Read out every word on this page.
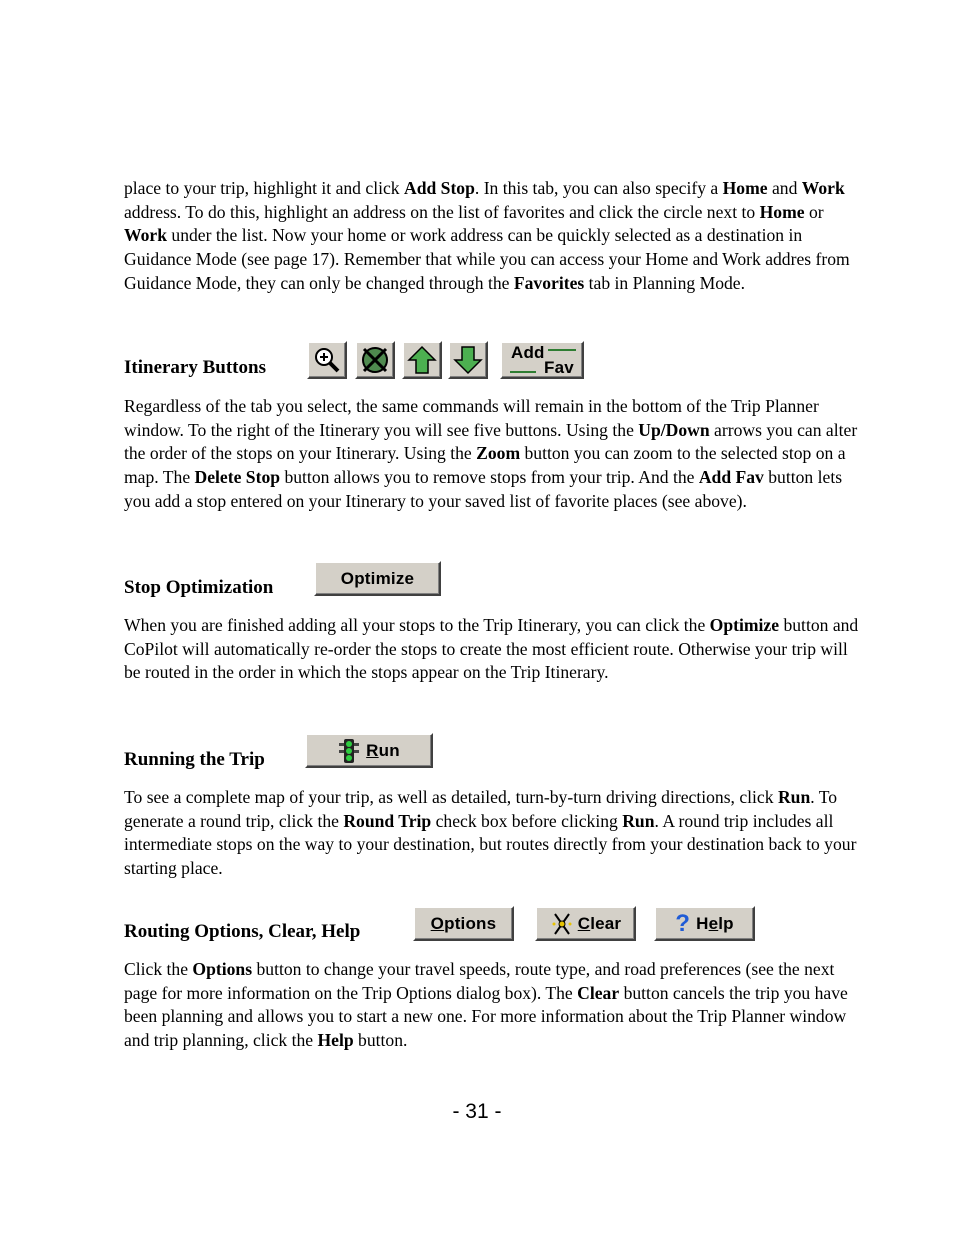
place to your trip, highlight it and click Add Stop. In this tab, you can also specify a Home and Work address. To do this, highlight an address on the list of favorites and click the circle next to Home or Work under the list. Now your home or work address can be quickly selected as a destination in Guidance Mode (see page 17). Remember that while you can access your Home and Work addres from Guidance Mode, they can only be changed through the Favorites tab in Planning Mode.

Itinerary Buttons
Add
Fav

Regardless of the tab you select, the same commands will remain in the bottom of the Trip Planner window. To the right of the Itinerary you will see five buttons. Using the Up/Down arrows you can alter the order of the stops on your Itinerary. Using the Zoom button you can zoom to the selected stop on a map. The Delete Stop button allows you to remove stops from your trip. And the Add Fav button lets you add a stop entered on your Itinerary to your saved list of favorite places (see above).

Stop Optimization	Optimize

When you are finished adding all your stops to the Trip Itinerary, you can click the Optimize button and CoPilot will automatically re-order the stops to create the most efficient route. Otherwise your trip will be routed in the order in which the stops appear on the Trip Itinerary.

Running the Trip	R un

To see a complete map of your trip, as well as detailed, turn-by-turn driving directions, click Run. To generate a round trip, click the Round Trip check box before clicking Run. A round trip includes all intermediate stops on the way to your destination, but routes directly from your destination back to your starting place.

Routing Options, Clear, Help	O ptions	C lear ? H e lp

Click the Options button to change your travel speeds, route type, and road preferences (see the next page for more information on the Trip Options dialog box). The Clear button cancels the trip you have been planning and allows you to start a new one. For more information about the Trip Planner window and trip planning, click the Help button.

- 31 -
